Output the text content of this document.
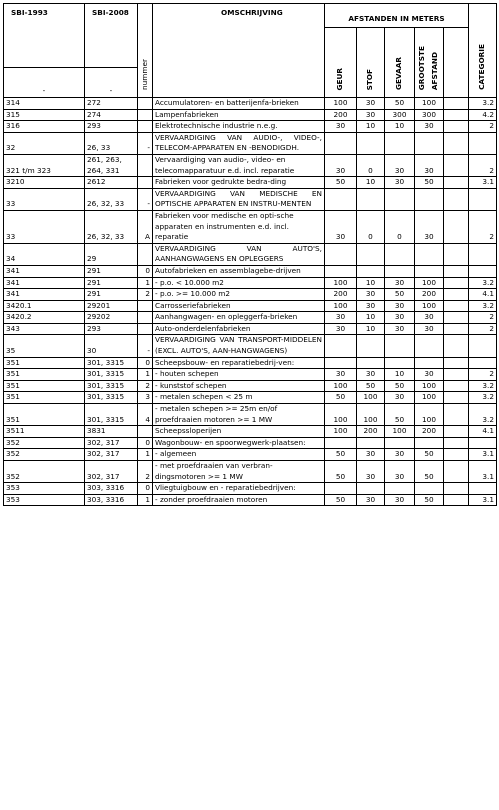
SBI-1993	SBI-2008	nummer	OMSCHRIJVING	AFSTANDEN IN METERS					CATEGORIE
				GEUR	STOF	GEVAAR	GROOTSTE AFSTAND		
-	-								
314	272		Accumulatoren- en batterijenfa-brieken	100	30	50	100		3.2
315	274		Lampenfabrieken	200	30	300	300		4.2
316	293		Elektrotechnische industrie n.e.g.	30	10	10	30		2
32	26, 33	-	VERVAARDIGING VAN AUDIO-, VIDEO-, TELECOM-APPARATEN EN -BENODIGDH.						
321 t/m 323	261, 263, 264, 331		Vervaardiging van audio-, video- en telecomapparatuur e.d. incl. reparatie	30	0	30	30		2
3210	2612		Fabrieken voor gedrukte bedra-ding	50	10	30	50		3.1
33	26, 32, 33	-	VERVAARDIGING VAN MEDISCHE EN OPTISCHE APPARATEN EN INSTRU-MENTEN						
33	26, 32, 33	A	Fabrieken voor medische en opti-sche apparaten en instrumenten e.d. incl. reparatie	30	0	0	30		2
34	29		VERVAARDIGING VAN AUTO'S, AANHANGWAGENS EN OPLEGGERS						
341	291	0	Autofabrieken en assemblagebe-drijven						
341	291	1	- p.o. < 10.000 m2	100	10	30	100		3.2
341	291	2	- p.o. >= 10.000 m2	200	30	50	200		4.1
3420.1	29201		Carrosseriefabrieken	100	30	30	100		3.2
3420.2	29202		Aanhangwagen- en opleggerfa-brieken	30	10	30	30		2
343	293		Auto-onderdelenfabrieken	30	10	30	30		2
35	30	-	VERVAARDIGING VAN TRANSPORT-MIDDELEN (EXCL. AUTO'S, AAN-HANGWAGENS)						
351	301, 3315	0	Scheepsbouw- en reparatiebedrij-ven:						
351	301, 3315	1	- houten schepen	30	30	10	30		2
351	301, 3315	2	- kunststof schepen	100	50	50	100		3.2
351	301, 3315	3	- metalen schepen < 25 m	50	100	30	100		3.2
351	301, 3315	4	- metalen schepen >= 25m en/of proefdraaien motoren >= 1 MW	100	100	50	100		3.2
3511	3831		Scheepssloperijen	100	200	100	200		4.1
352	302, 317	0	Wagonbouw- en spoorwegwerk-plaatsen:						
352	302, 317	1	- algemeen	50	30	30	50		3.1
352	302, 317	2	- met proefdraaien van verbran-dingsmotoren >= 1 MW	50	30	30	50		3.1
353	303, 3316	0	Vliegtuigbouw en - reparatiebedrijven:						
353	303, 3316	1	- zonder proefdraaien motoren	50	30	30	50		3.1
